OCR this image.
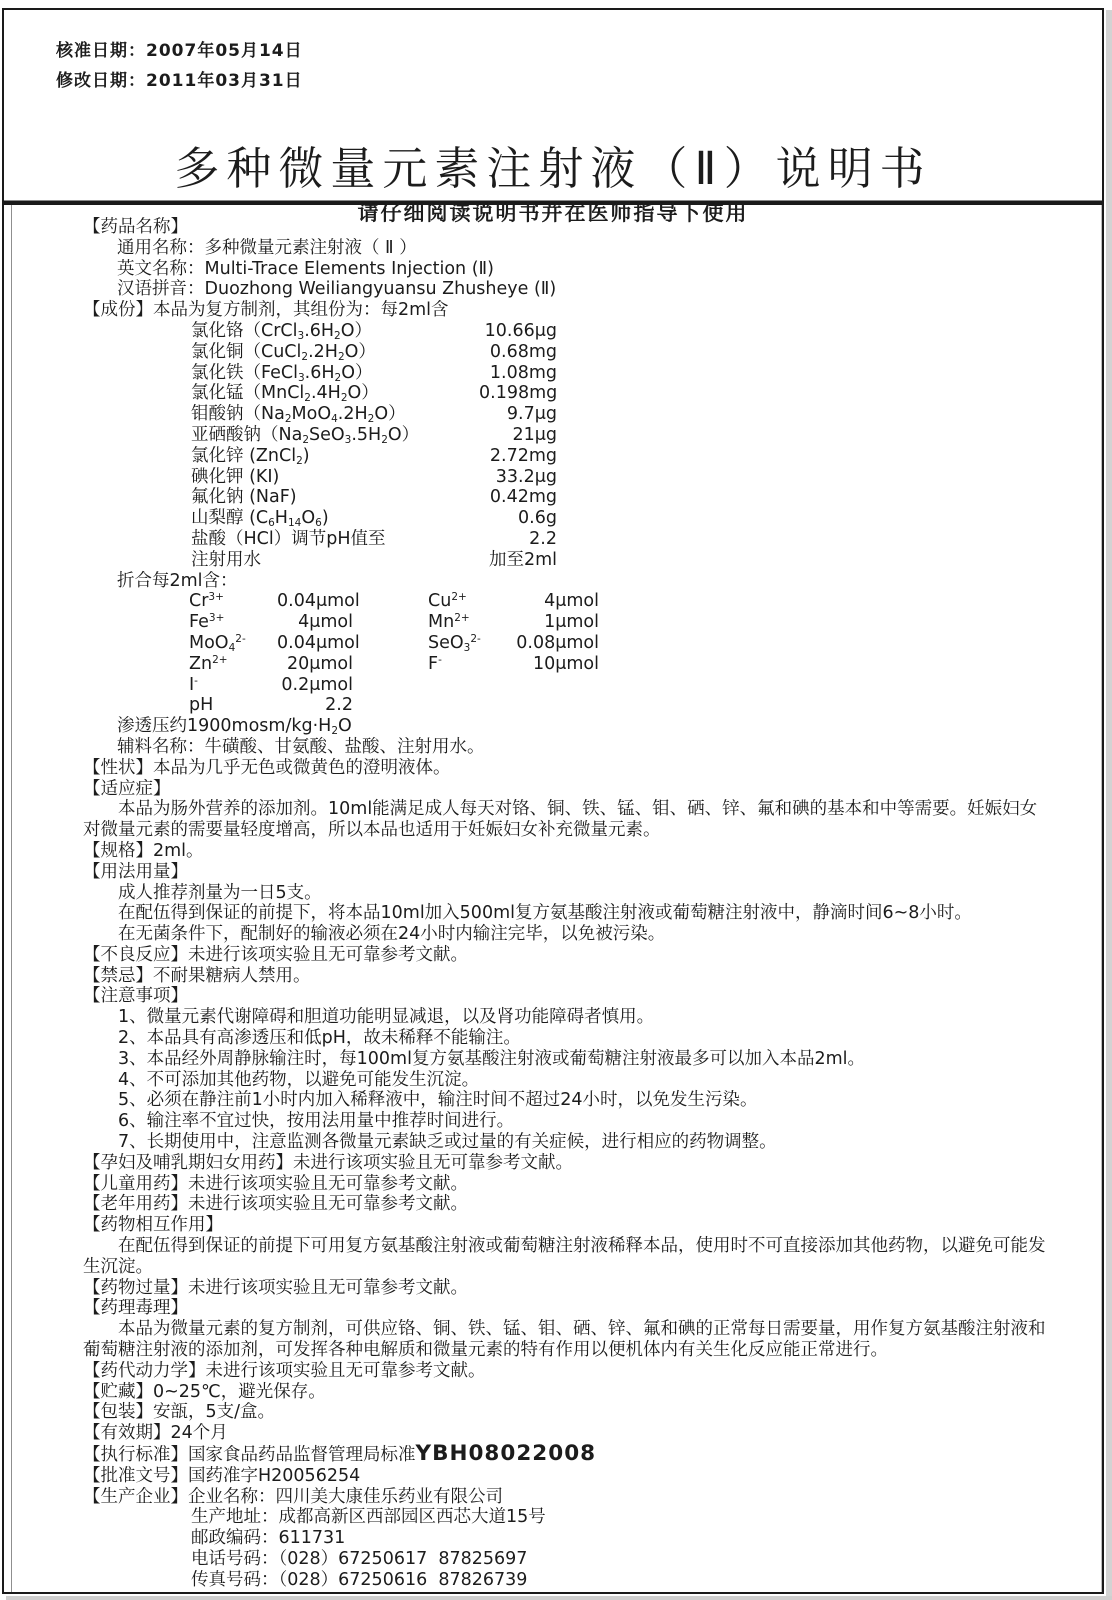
核准日期：2007年05月14日
修改日期：2011年03月31日
多种微量元素注射液（Ⅱ）说明书

请仔细阅读说明书并在医师指导下使用

【药品名称】
通用名称：多种微量元素注射液（ Ⅱ ）
英文名称：Multi-Trace Elements Injection (Ⅱ)
汉语拼音：Duozhong Weiliangyuansu Zhusheye (Ⅱ)
【成份】本品为复方制剂，其组份为：每2ml含
氯化铬$(CrCl_3.6H_2O)$	10.66μg
氯化铜$(CuCl_2.2H_2O)$	0.68mg
氯化铁$(FeCl_3.6H_2O)$	1.08mg
氯化锰$(MnCl_2.4H_2O)$	0.198mg
钼酸钠$(Na_2MoO_4.2H_2O)$	9.7μg
亚硒酸钠$(Na_2SeO_3.5H_2O)$	21μg
氯化锌 (ZnCl$_2$)	2.72mg
碘化钾 (KI)	33.2μg
氟化钠 (NaF)	0.42mg
山梨醇 $(C_6H_{14}O_6)$	0.6g
盐酸（HCl）调节pH值至	2.2
注射用水	加至2ml
折合每2ml含：
$Cr^{3+}$	0.04μmol	$Cu^{2+}$	4μmol
$Fe^{3+}$	4μmol	$Mn^{2+}$	1μmol
MoO$_4^{2-}$	0.04μmol	SeO$_3^{2-}$	0.08μmol
$Zn^{2+}$	20μmol	F-	10μmol
I-	0.2μmol
pH	2.2
渗透压约$1900mosm/kg\cdot H_2O$
辅料名称：牛磺酸、甘氨酸、盐酸、注射用水。
【性状】本品为几乎无色或微黄色的澄明液体。
【适应症】
本品为肠外营养的添加剂。10ml能满足成人每天对铬、铜、铁、锰、钼、硒、锌、氟和碘的基本和中等需要。妊娠妇女对微量元素的需要量轻度增高，所以本品也适用于妊娠妇女补充微量元素。
【规格】2ml。
【用法用量】
成人推荐剂量为一日5支。
在配伍得到保证的前提下，将本品10ml加入500ml复方氨基酸注射液或葡萄糖注射液中，静滴时间6~8小时。
在无菌条件下，配制好的输液必须在24小时内输注完毕，以免被污染。
【不良反应】未进行该项实验且无可靠参考文献。
【禁忌】不耐果糖病人禁用。
【注意事项】
1、微量元素代谢障碍和胆道功能明显减退，以及肾功能障碍者慎用。
2、本品具有高渗透压和低pH，故未稀释不能输注。
3、本品经外周静脉输注时，每100ml复方氨基酸注射液或葡萄糖注射液最多可以加入本品2ml。
4、不可添加其他药物，以避免可能发生沉淀。
5、必须在静注前1小时内加入稀释液中，输注时间不超过24小时，以免发生污染。
6、输注率不宜过快，按用法用量中推荐时间进行。
7、长期使用中，注意监测各微量元素缺乏或过量的有关症候，进行相应的药物调整。
【孕妇及哺乳期妇女用药】未进行该项实验且无可靠参考文献。
【儿童用药】未进行该项实验且无可靠参考文献。
【老年用药】未进行该项实验且无可靠参考文献。
【药物相互作用】
在配伍得到保证的前提下可用复方氨基酸注射液或葡萄糖注射液稀释本品，使用时不可直接添加其他药物，以避免可能发生沉淀。
【药物过量】未进行该项实验且无可靠参考文献。
【药理毒理】
本品为微量元素的复方制剂，可供应铬、铜、铁、锰、钼、硒、锌、氟和碘的正常每日需要量，用作复方氨基酸注射液和葡萄糖注射液的添加剂，可发挥各种电解质和微量元素的特有作用以便机体内有关生化反应能正常进行。
【药代动力学】未进行该项实验且无可靠参考文献。
【贮藏】0~25℃，避光保存。
【包装】安瓿，5支/盒。
【有效期】24个月
【执行标准】国家食品药品监督管理局标准YBH08022008
【批准文号】国药准字H20056254
【生产企业】企业名称：四川美大康佳乐药业有限公司
生产地址：成都高新区西部园区西芯大道15号
邮政编码：611731
电话号码：（028）67250617  87825697
传真号码：（028）67250616  87826739
